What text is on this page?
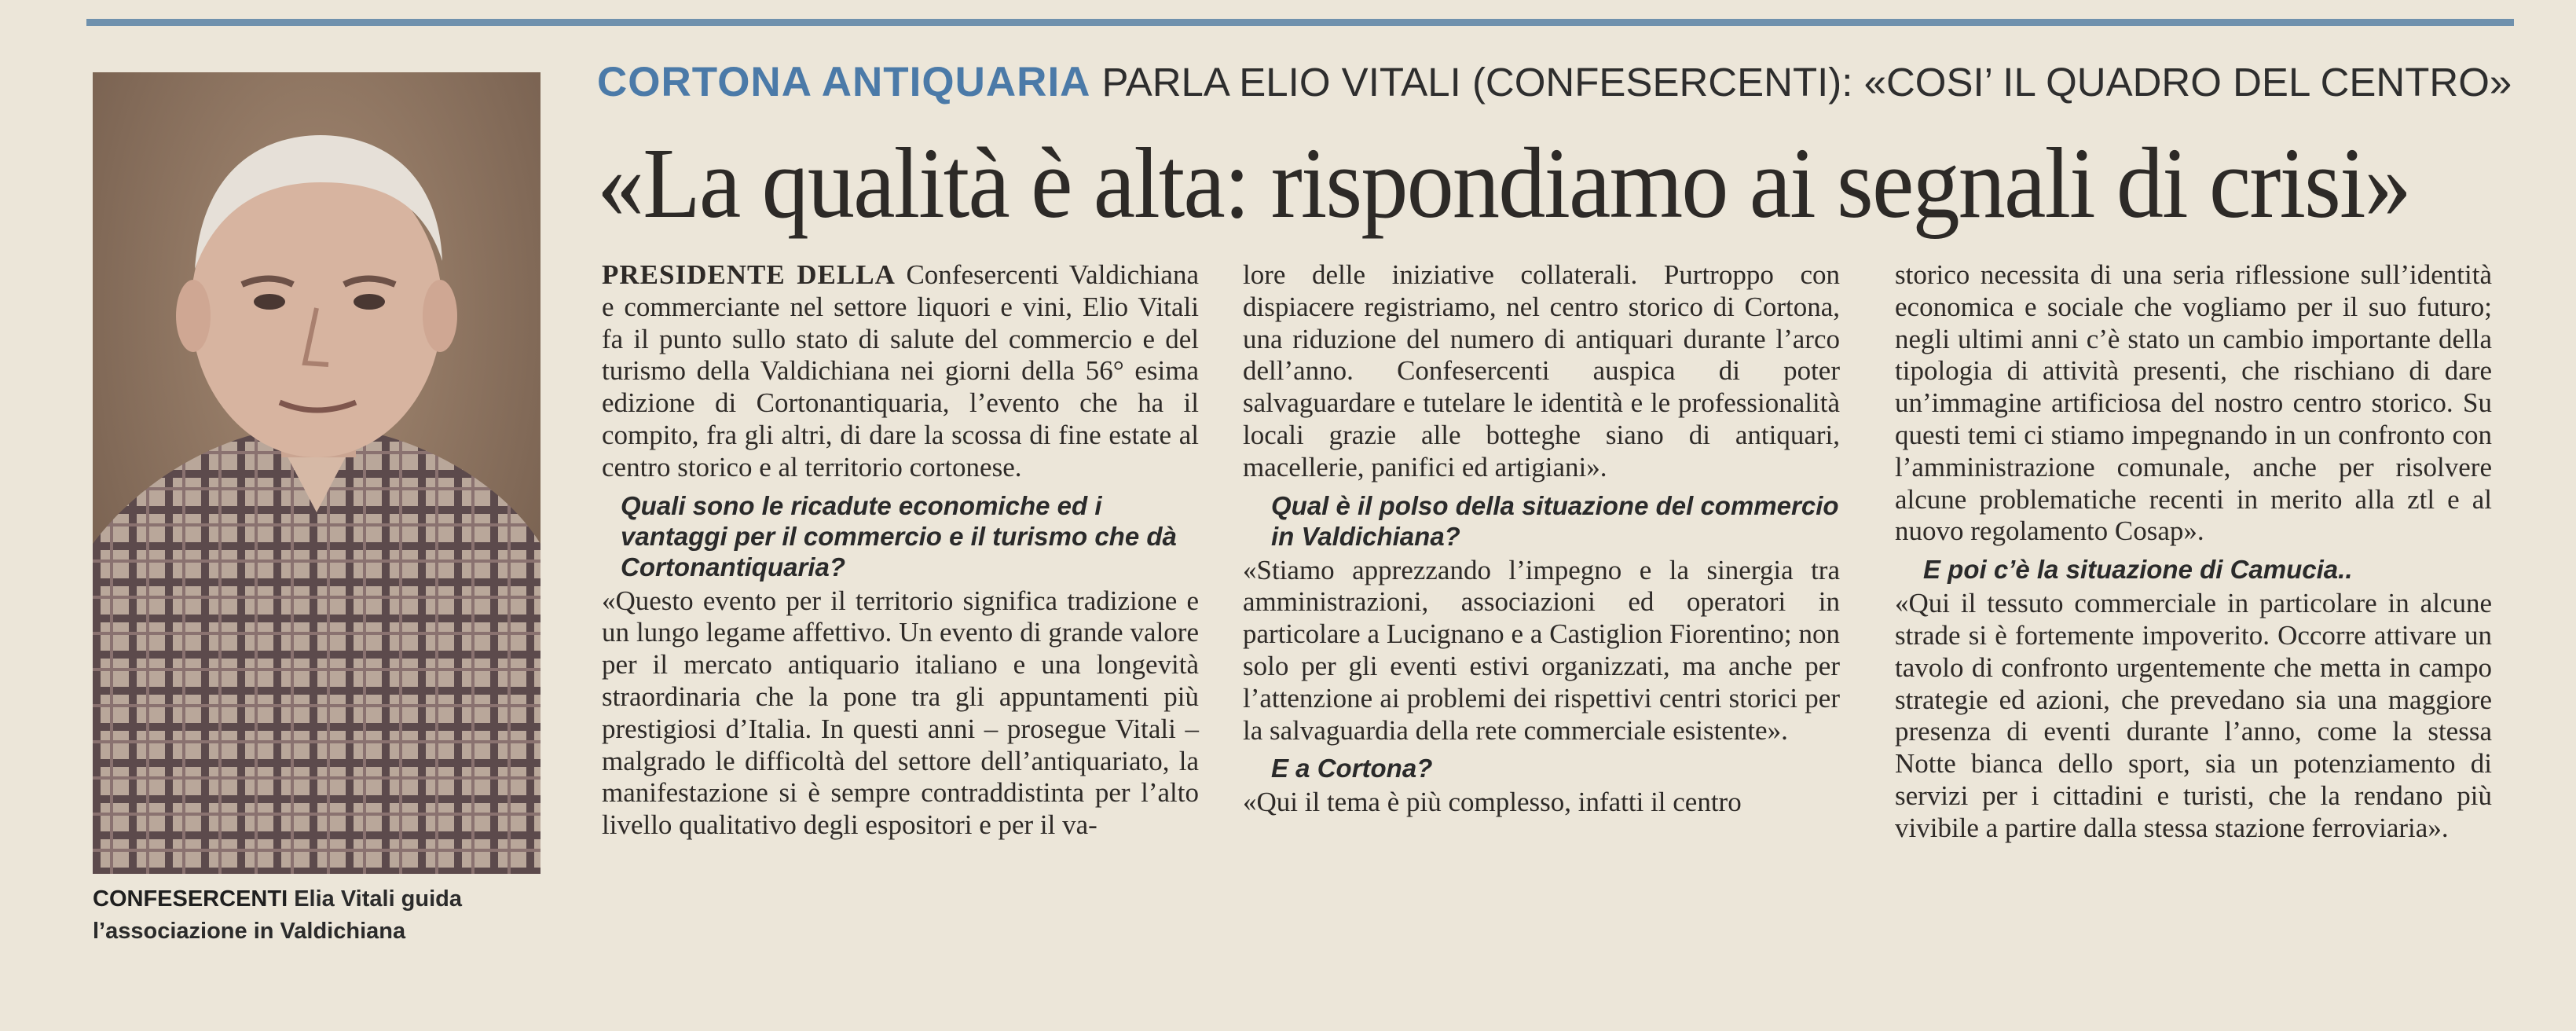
CORTONA ANTIQUARIA PARLA ELIO VITALI (CONFESERCENTI): «COSI’ IL QUADRO DEL CENTRO»
«La qualità è alta: rispondiamo ai segnali di crisi»
CONFESERCENTI Elia Vitali guida l’associazione in Valdichiana

PRESIDENTE DELLA Confesercenti Valdichiana e commerciante nel settore liquori e vini, Elio Vitali fa il punto sullo stato di salute del commercio e del turismo della Valdichiana nei giorni della 56° esima edizione di Cortonantiquaria, l’evento che ha il compito, fra gli altri, di dare la scossa di fine estate al centro storico e al territorio cortonese.

Quali sono le ricadute economiche ed i vantaggi per il commercio e il turismo che dà Cortonantiquaria?

«Questo evento per il territorio significa tradizione e un lungo legame affettivo. Un evento di grande valore per il mercato antiquario italiano e una longevità straordinaria che la pone tra gli appuntamenti più prestigiosi d’Italia. In questi anni – prosegue Vitali – malgrado le difficoltà del settore dell’antiquariato, la manifestazione si è sempre contraddistinta per l’alto livello qualitativo degli espositori e per il va-

lore delle iniziative collaterali. Purtroppo con dispiacere registriamo, nel centro storico di Cortona, una riduzione del numero di antiquari durante l’arco dell’anno. Confesercenti auspica di poter salvaguardare e tutelare le identità e le professionalità locali grazie alle botteghe siano di antiquari, macellerie, panifici ed artigiani».

Qual è il polso della situazione del commercio in Valdichiana?

«Stiamo apprezzando l’impegno e la sinergia tra amministrazioni, associazioni ed operatori in particolare a Lucignano e a Castiglion Fiorentino; non solo per gli eventi estivi organizzati, ma anche per l’attenzione ai problemi dei rispettivi centri storici per la salvaguardia della rete commerciale esistente».

E a Cortona?

«Qui il tema è più complesso, infatti il centro

storico necessita di una seria riflessione sull’identità economica e sociale che vogliamo per il suo futuro; negli ultimi anni c’è stato un cambio importante della tipologia di attività presenti, che rischiano di dare un’immagine artificiosa del nostro centro storico. Su questi temi ci stiamo impegnando in un confronto con l’amministrazione comunale, anche per risolvere alcune problematiche recenti in merito alla ztl e al nuovo regolamento Cosap».

E poi c’è la situazione di Camucia..

«Qui il tessuto commerciale in particolare in alcune strade si è fortemente impoverito. Occorre attivare un tavolo di confronto urgentemente che metta in campo strategie ed azioni, che prevedano sia una maggiore presenza di eventi durante l’anno, come la stessa Notte bianca dello sport, sia un potenziamento di servizi per i cittadini e turisti, che la rendano più vivibile a partire dalla stessa stazione ferroviaria».
